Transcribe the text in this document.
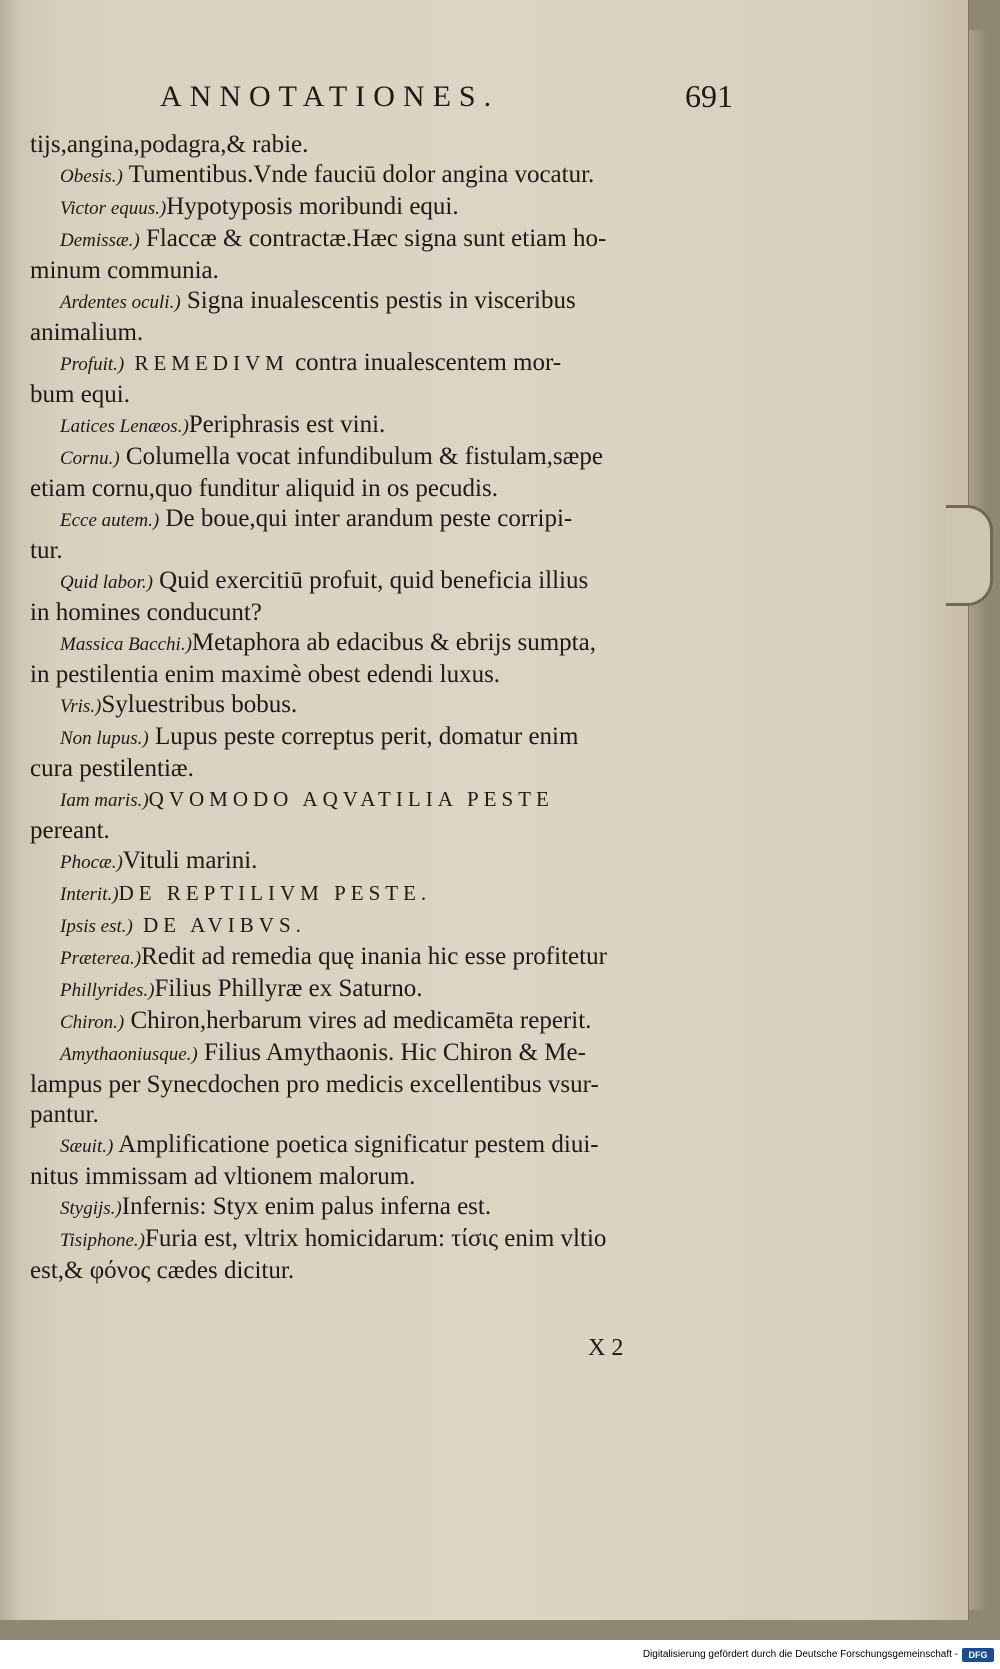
ANNOTATIONES.	691
tijs,angina,podagra,& rabie.
Obesis.) Tumentibus.Vnde fauciū dolor angina vocatur.
Victor equus.)Hypotyposis moribundi equi.
Demissæ.) Flaccæ & contractæ.Hæc signa sunt etiam ho-
minum communia.
Ardentes oculi.) Signa inualescentis pestis in visceribus
animalium.
Profuit.) REMEDIVM contra inualescentem mor-
bum equi.
Latices Lenæos.)Periphrasis est vini.
Cornu.) Columella vocat infundibulum & fistulam,sæpe
etiam cornu,quo funditur aliquid in os pecudis.
Ecce autem.) De boue,qui inter arandum peste corripi-
tur.
Quid labor.) Quid exercitiū profuit, quid beneficia illius
in homines conducunt?
Massica Bacchi.)Metaphora ab edacibus & ebrijs sumpta,
in pestilentia enim maximè obest edendi luxus.
Vris.)Syluestribus bobus.
Non lupus.) Lupus peste correptus perit, domatur enim
cura pestilentiæ.
Iam maris.)QVOMODO AQVATILIA PESTE
pereant.
Phocæ.)Vituli marini.
Interit.)DE REPTILIVM PESTE.
Ipsis est.) DE AVIBVS.
Præterea.)Redit ad remedia quę inania hic esse profitetur
Phillyrides.)Filius Phillyræ ex Saturno.
Chiron.) Chiron,herbarum vires ad medicamēta reperit.
Amythaoniusque.) Filius Amythaonis. Hic Chiron & Me-
lampus per Synecdochen pro medicis excellentibus vsur-
pantur.
Sæuit.) Amplificatione poetica significatur pestem diui-
nitus immissam ad vltionem malorum.
Stygijs.)Infernis: Styx enim palus inferna est.
Tisiphone.)Furia est, vltrix homicidarum: τίσις enim vltio
est,& φόνος cædes dicitur.
X 2
Digitalisierung gefördert durch die Deutsche Forschungsgemeinschaft -	DFG
